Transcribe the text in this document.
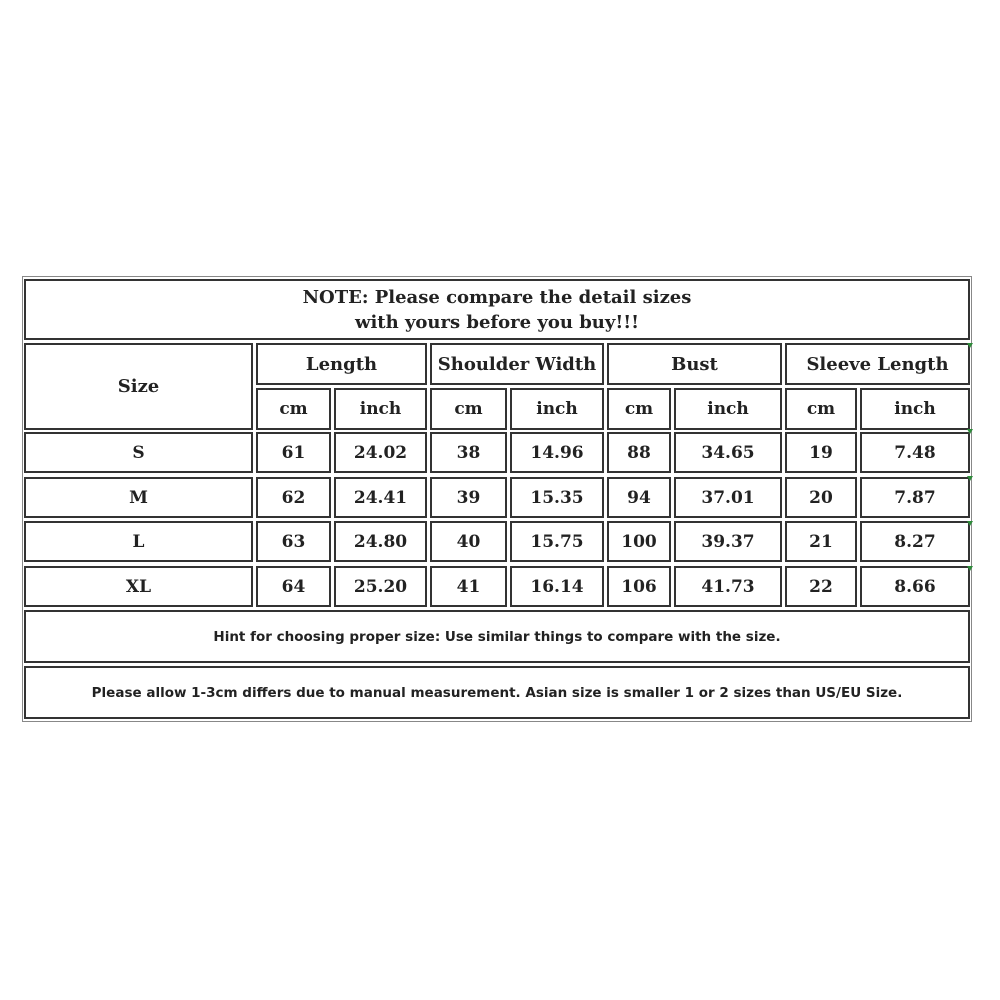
NOTE: Please compare the detail sizes
with yours before you buy!!!
Size
Length	Shoulder Width	Bust	Sleeve Length
cm	inch	cm	inch	cm	inch	cm	inch
S	61	24.02	38	14.96	88	34.65	19	7.48
M	62	24.41	39	15.35	94	37.01	20	7.87
L	63	24.80	40	15.75	100	39.37	21	8.27
XL	64	25.20	41	16.14	106	41.73	22	8.66
Hint for choosing proper size: Use similar things to compare with the size.
Please allow 1-3cm differs due to manual measurement. Asian size is smaller 1 or 2 sizes than US/EU Size.
